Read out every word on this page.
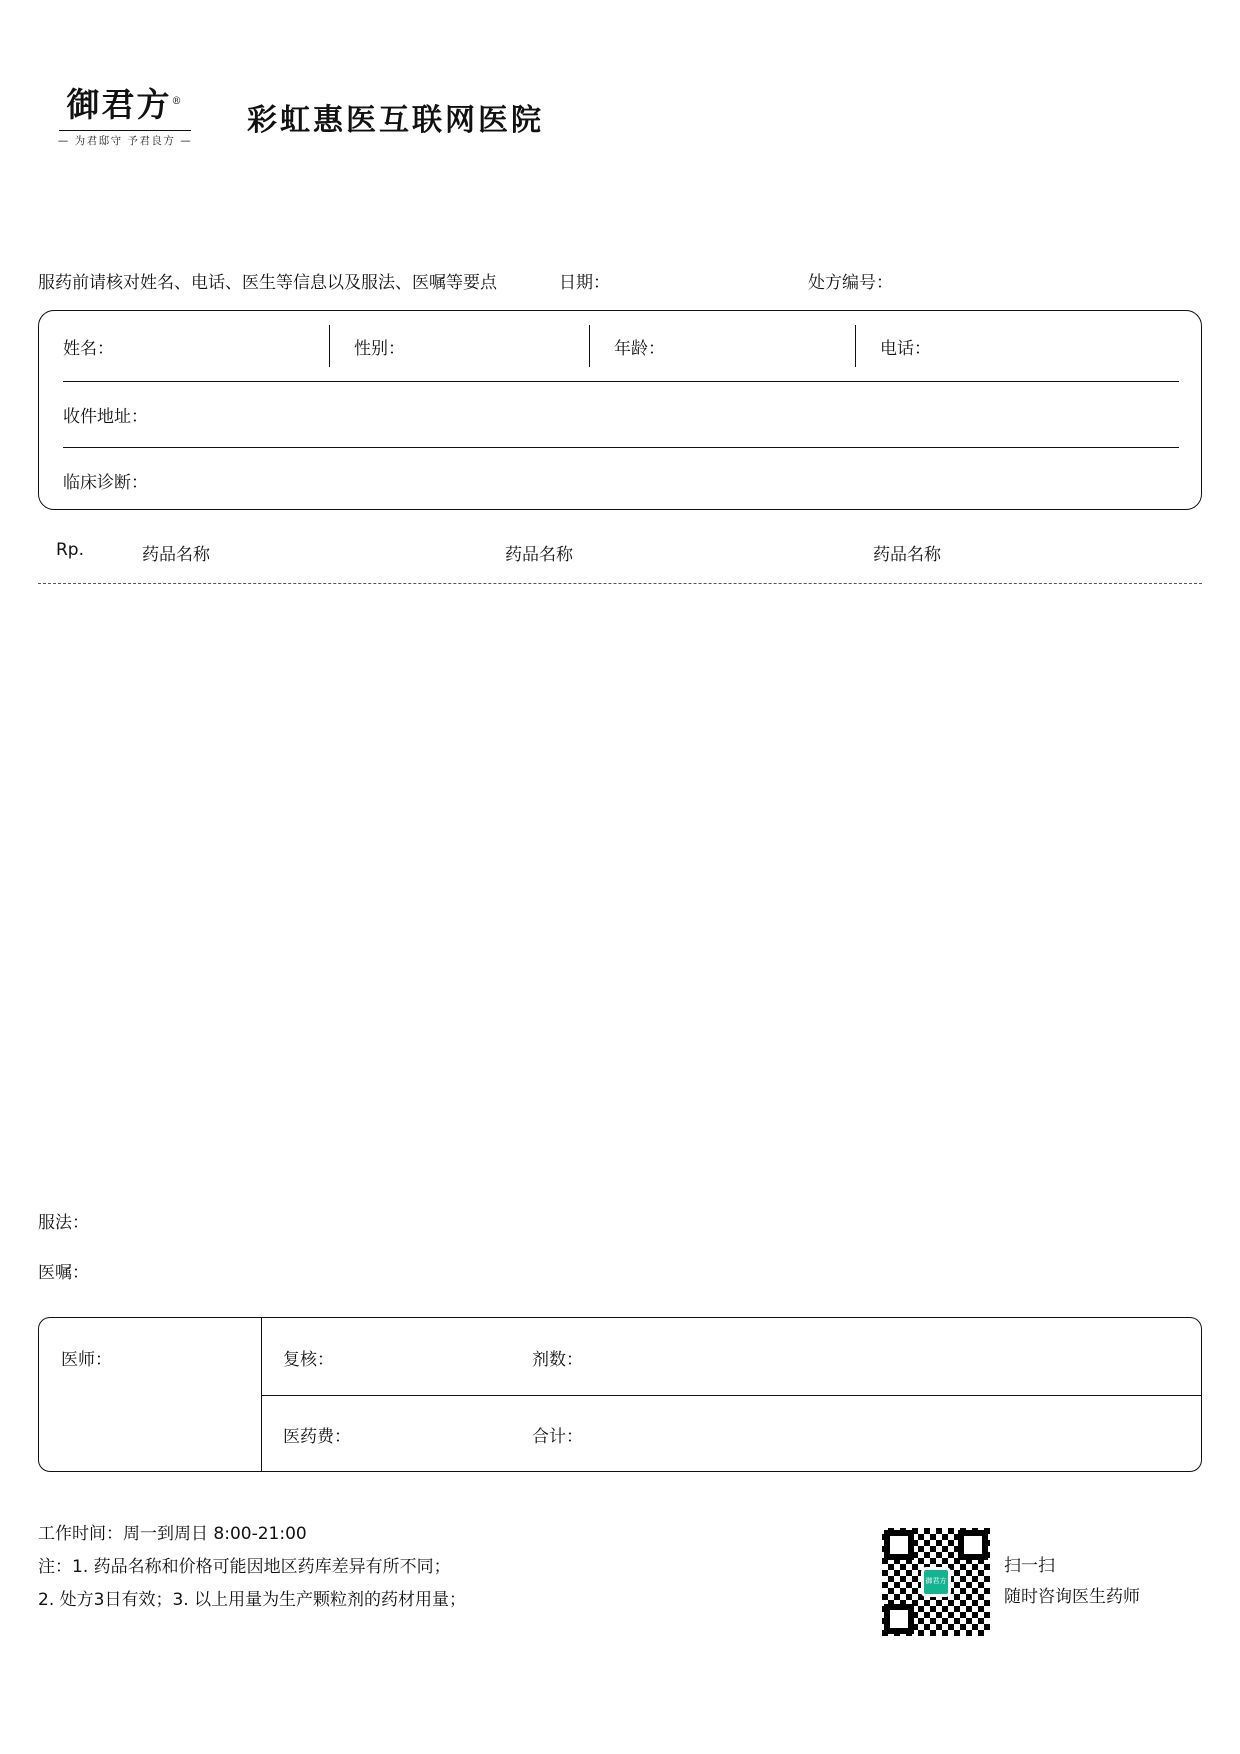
御君方®
— 为君邸守 予君良方 —
彩虹惠医互联网医院
服药前请核对姓名、电话、医生等信息以及服法、医嘱等要点	日期：	处方编号：
姓名：	性别：	年龄：	电话：
收件地址：
临床诊断：
Rp.	药品名称	药品名称	药品名称
服法：
医嘱：
医师：	复核：	剂数：
医药费：	合计：
工作时间：周一到周日 8:00-21:00
注：1. 药品名称和价格可能因地区药库差异有所不同；
2. 处方3日有效；3. 以上用量为生产颗粒剂的药材用量；
御君方
扫一扫
随时咨询医生药师
